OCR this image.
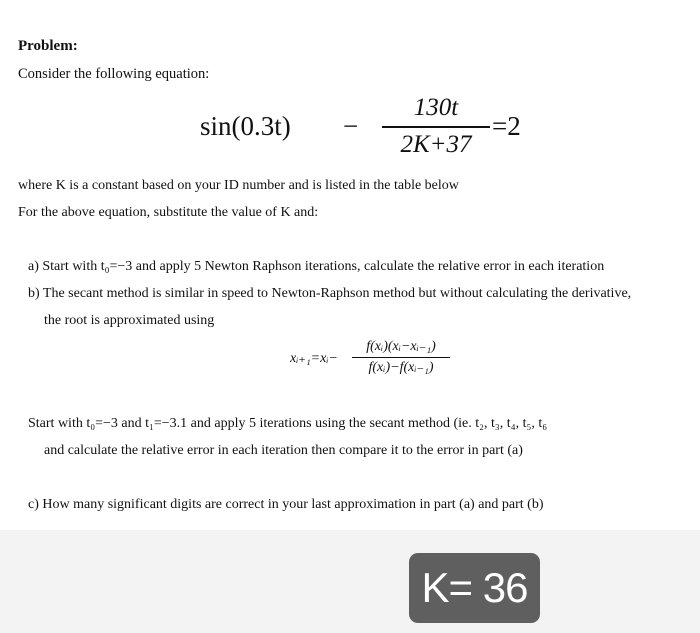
Problem:
Consider the following equation:
sin(0.3t) −
130t
2K+37
=2
where K is a constant based on your ID number and is listed in the table below
For the above equation, substitute the value of K and:
a) Start with t₀=−3 and apply 5 Newton Raphson iterations, calculate the relative error in each iteration
b) The secant method is similar in speed to Newton-Raphson method but without calculating the derivative,
the root is approximated using
xᵢ₊₁=xᵢ−
f(xᵢ)(xᵢ−xᵢ₋₁)
f(xᵢ)−f(xᵢ₋₁)
Start with t₀=−3 and t₁=−3.1 and apply 5 iterations using the secant method (ie. t₂, t₃, t₄, t₅, t₆
and calculate the relative error in each iteration then compare it to the error in part (a)
c) How many significant digits are correct in your last approximation in part (a) and part (b)
K= 36
